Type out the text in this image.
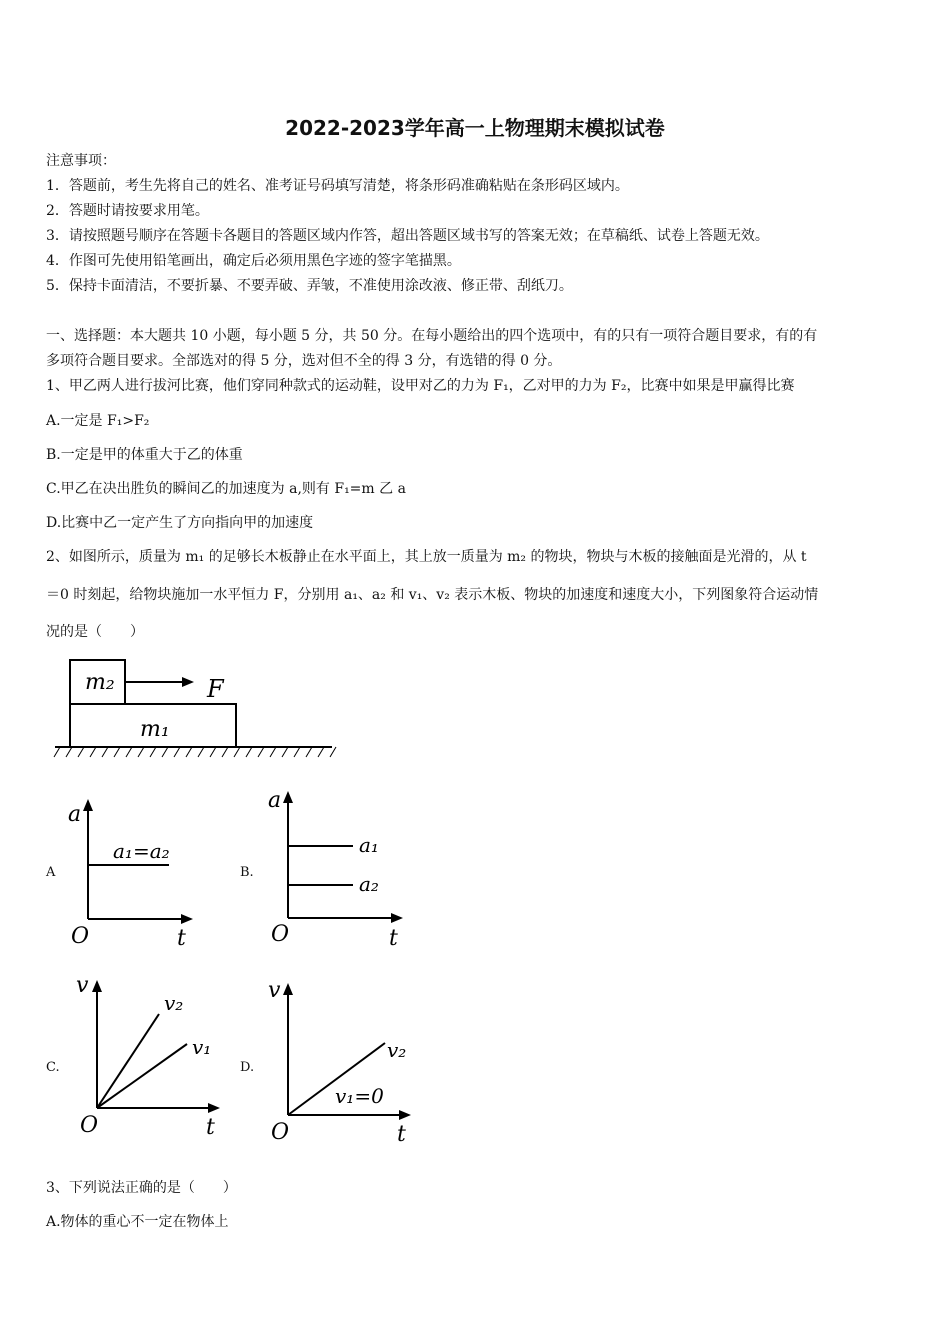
2022-2023学年高一上物理期末模拟试卷
注意事项：
1．答题前，考生先将自己的姓名、准考证号码填写清楚，将条形码准确粘贴在条形码区域内。
2．答题时请按要求用笔。
3．请按照题号顺序在答题卡各题目的答题区域内作答，超出答题区域书写的答案无效；在草稿纸、试卷上答题无效。
4．作图可先使用铅笔画出，确定后必须用黑色字迹的签字笔描黑。
5．保持卡面清洁，不要折暴、不要弄破、弄皱，不准使用涂改液、修正带、刮纸刀。
一、选择题：本大题共 10 小题，每小题 5 分，共 50 分。在每小题给出的四个选项中，有的只有一项符合题目要求，有的有
多项符合题目要求。全部选对的得 5 分，选对但不全的得 3 分，有选错的得 0 分。
1、甲乙两人进行拔河比赛，他们穿同种款式的运动鞋，设甲对乙的力为 F₁，乙对甲的力为 F₂，比赛中如果是甲赢得比赛
A.一定是 F₁>F₂
B.一定是甲的体重大于乙的体重
C.甲乙在决出胜负的瞬间乙的加速度为 a,则有 F₁=m 乙 a
D.比赛中乙一定产生了方向指向甲的加速度
2、如图所示，质量为 m₁ 的足够长木板静止在水平面上，其上放一质量为 m₂ 的物块，物块与木板的接触面是光滑的，从 t
＝0 时刻起，给物块施加一水平恒力 F，分别用 a₁、a₂ 和 v₁、v₂ 表示木板、物块的加速度和速度大小，下列图象符合运动情
况的是（　　）
m₂
m₁
F
A
a
t
O
a₁=a₂
B.
a
t
O
a₁
a₂
C.
v
t
O
v₂
v₁
D.
v
t
O
v₂
v₁=0
3、下列说法正确的是（　　）
A.物体的重心不一定在物体上
